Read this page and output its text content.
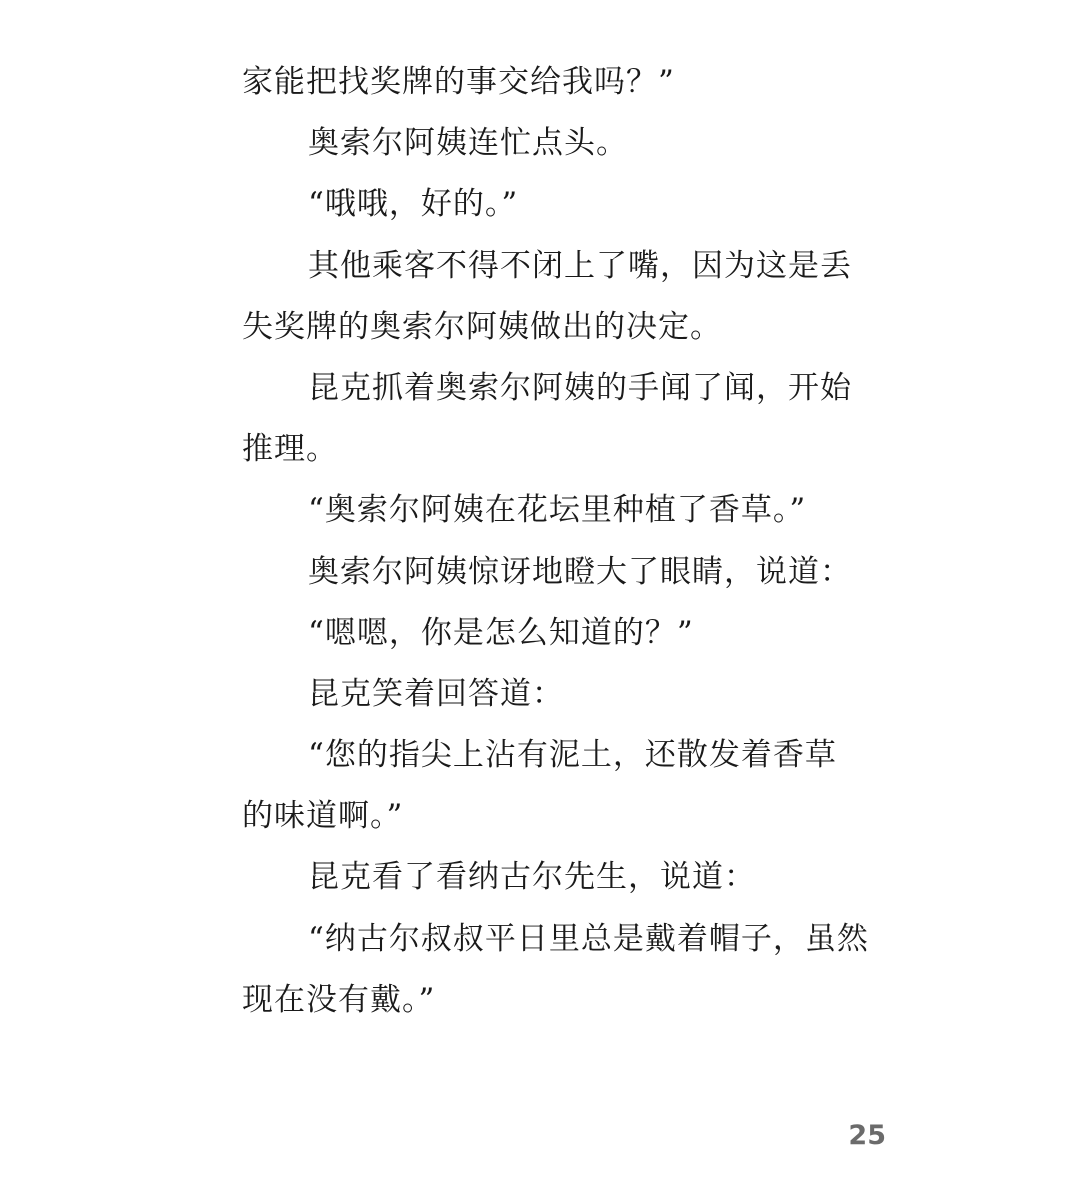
家能把找奖牌的事交给我吗？”
奥索尔阿姨连忙点头。
“哦哦，好的。”
其他乘客不得不闭上了嘴，因为这是丢
失奖牌的奥索尔阿姨做出的决定。
昆克抓着奥索尔阿姨的手闻了闻，开始
推理。
“奥索尔阿姨在花坛里种植了香草。”
奥索尔阿姨惊讶地瞪大了眼睛，说道：
“嗯嗯，你是怎么知道的？”
昆克笑着回答道：
“您的指尖上沾有泥土，还散发着香草
的味道啊。”
昆克看了看纳古尔先生，说道：
“纳古尔叔叔平日里总是戴着帽子，虽然
现在没有戴。”
25
